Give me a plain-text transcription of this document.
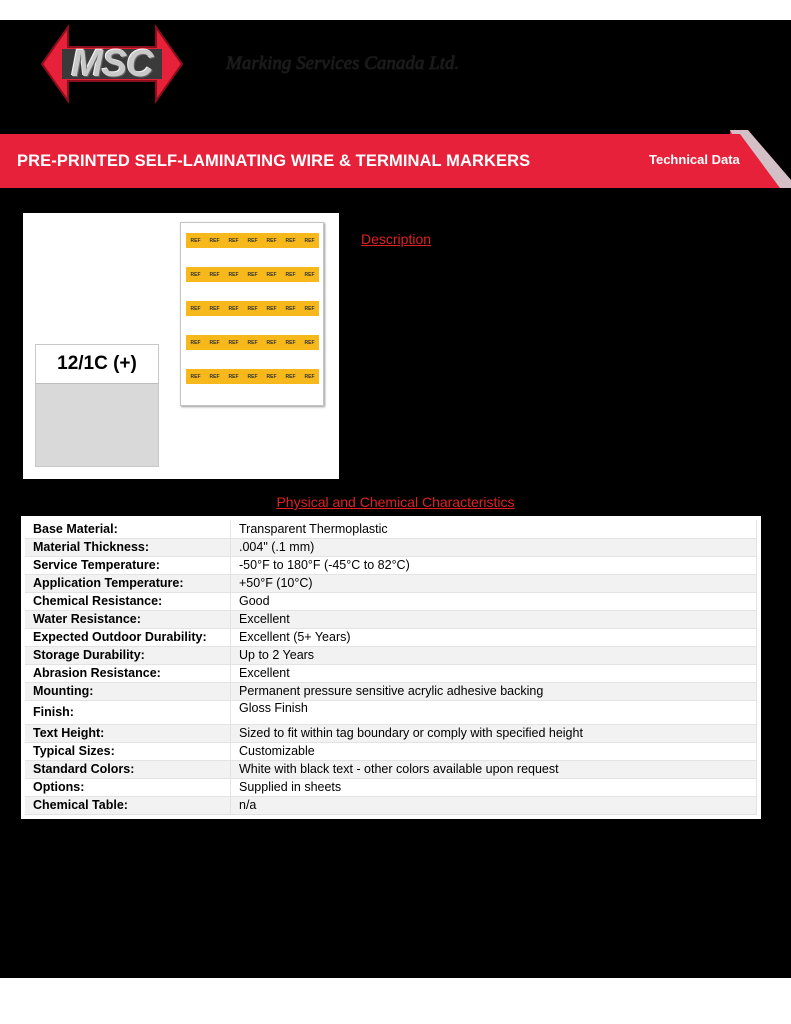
MSC	Marking Services Canada Ltd.
PRE-PRINTED SELF-LAMINATING WIRE & TERMINAL MARKERS	Technical Data
12/1C (+)
REF	REF	REF	REF	REF	REF	REF
REF	REF	REF	REF	REF	REF	REF
REF	REF	REF	REF	REF	REF	REF
REF	REF	REF	REF	REF	REF	REF
REF	REF	REF	REF	REF	REF	REF
Description
Physical and Chemical Characteristics
Base Material:	Transparent Thermoplastic
Material Thickness:	.004" (.1 mm)
Service Temperature:	-50°F to 180°F (-45°C to 82°C)
Application Temperature:	+50°F (10°C)
Chemical Resistance:	Good
Water Resistance:	Excellent
Expected Outdoor Durability:	Excellent (5+ Years)
Storage Durability:	Up to 2 Years
Abrasion Resistance:	Excellent
Mounting:	Permanent pressure sensitive acrylic adhesive backing
Finish:	Gloss Finish
Text Height:	Sized to fit within tag boundary or comply with specified height
Typical Sizes:	Customizable
Standard Colors:	White with black text - other colors available upon request
Options:	Supplied in sheets
Chemical Table:	n/a
